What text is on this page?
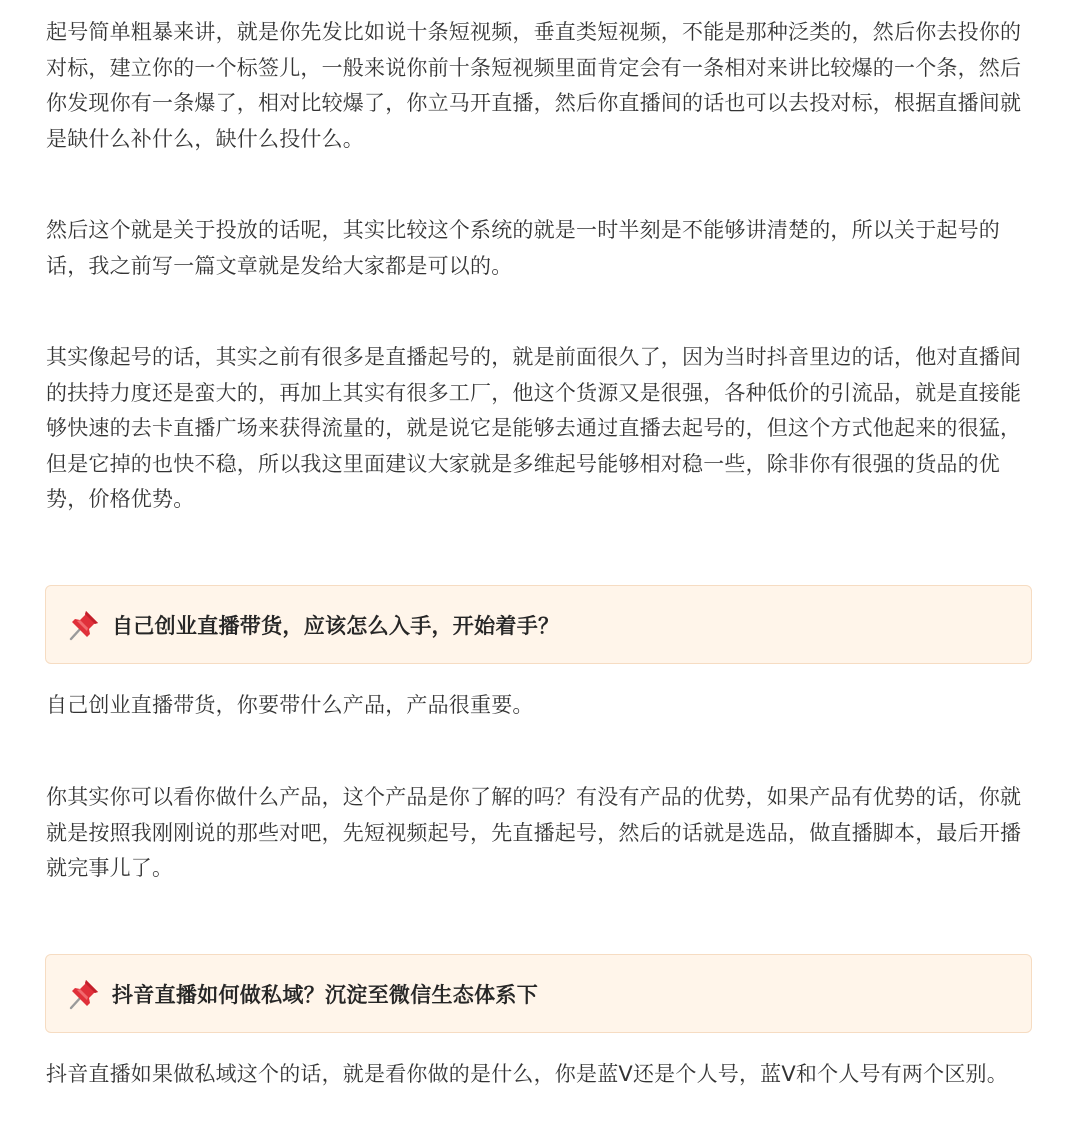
起号简单粗暴来讲，就是你先发比如说十条短视频，垂直类短视频，不能是那种泛类的，然后你去投你的对标，建立你的一个标签儿，一般来说你前十条短视频里面肯定会有一条相对来讲比较爆的一个条，然后你发现你有一条爆了，相对比较爆了，你立马开直播，然后你直播间的话也可以去投对标，根据直播间就是缺什么补什么，缺什么投什么。

然后这个就是关于投放的话呢，其实比较这个系统的就是一时半刻是不能够讲清楚的，所以关于起号的话，我之前写一篇文章就是发给大家都是可以的。

其实像起号的话，其实之前有很多是直播起号的，就是前面很久了，因为当时抖音里边的话，他对直播间的扶持力度还是蛮大的，再加上其实有很多工厂，他这个货源又是很强，各种低价的引流品，就是直接能够快速的去卡直播广场来获得流量的，就是说它是能够去通过直播去起号的，但这个方式他起来的很猛，但是它掉的也快不稳，所以我这里面建议大家就是多维起号能够相对稳一些，除非你有很强的货品的优势，价格优势。

自己创业直播带货，应该怎么入手，开始着手？

自己创业直播带货，你要带什么产品，产品很重要。

你其实你可以看你做什么产品，这个产品是你了解的吗？有没有产品的优势，如果产品有优势的话，你就就是按照我刚刚说的那些对吧，先短视频起号，先直播起号，然后的话就是选品，做直播脚本，最后开播就完事儿了。

抖音直播如何做私域？沉淀至微信生态体系下

抖音直播如果做私域这个的话，就是看你做的是什么，你是蓝V还是个人号，蓝V和个人号有两个区别。
